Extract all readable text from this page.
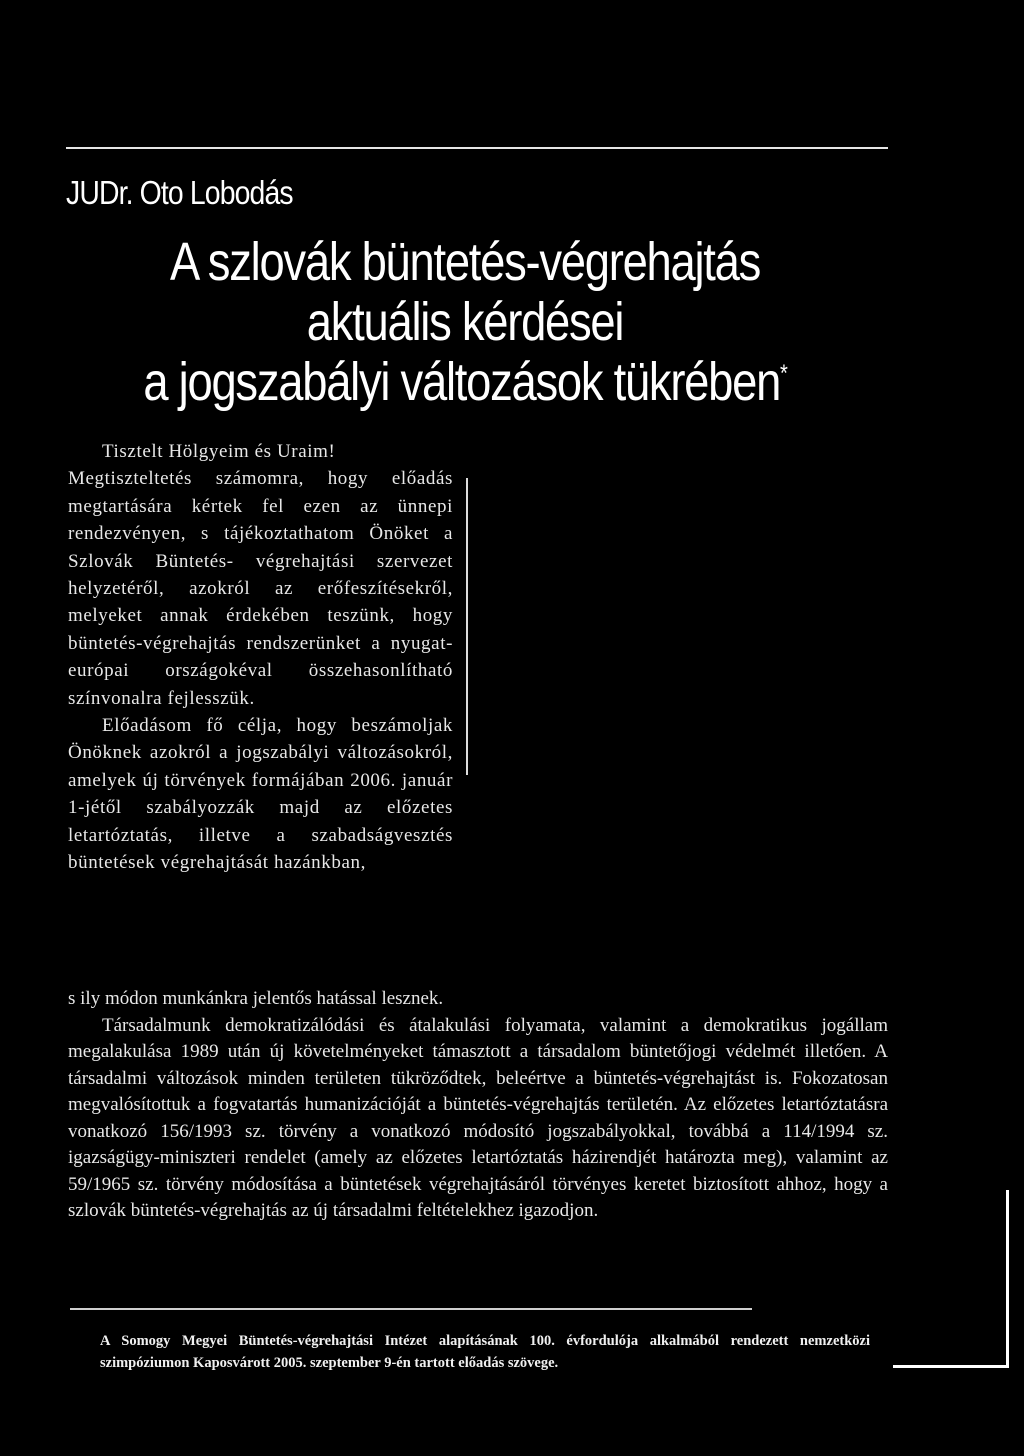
JUDr. Oto Lobodás
A szlovák büntetés-végrehajtás
aktuális kérdései
a jogszabályi változások tükrében*

Tisztelt Hölgyeim és Uraim!

Megtiszteltetés számomra, hogy előadás megtartására kértek fel ezen az ünnepi rendezvényen, s tájékoztathatom Önöket a Szlovák Büntetés- végrehajtási szervezet helyzetéről, azokról az erőfeszítésekről, melyeket annak érdekében teszünk, hogy büntetés-végrehajtás rendszerünket a nyugat-európai országokéval összehasonlítható színvonalra fejlesszük.

Előadásom fő célja, hogy beszámoljak Önöknek azokról a jogszabályi változásokról, amelyek új törvények formájában 2006. január 1-jétől szabályozzák majd az előzetes letartóztatás, illetve a szabadságvesztés büntetések végrehajtását hazánkban,

s ily módon munkánkra jelentős hatással lesznek.

Társadalmunk demokratizálódási és átalakulási folyamata, valamint a demokratikus jogállam megalakulása 1989 után új követelményeket támasztott a társadalom büntetőjogi védelmét illetően. A társadalmi változások minden területen tükröződtek, beleértve a büntetés-végrehajtást is. Fokozatosan megvalósítottuk a fogvatartás humanizációját a büntetés-végrehajtás területén. Az előzetes letartóztatásra vonatkozó 156/1993 sz. törvény a vonatkozó módosító jogszabályokkal, továbbá a 114/1994 sz. igazságügy-miniszteri rendelet (amely az előzetes letartóztatás házirendjét határozta meg), valamint az 59/1965 sz. törvény módosítása a büntetések végrehajtásáról törvényes keretet biztosított ahhoz, hogy a szlovák büntetés-végrehajtás az új társadalmi feltételekhez igazodjon.

A Somogy Megyei Büntetés-végrehajtási Intézet alapításának 100. évfordulója alkalmából rendezett nemzetközi szimpóziumon Kaposvárott 2005. szeptember 9-én tartott előadás szövege.
